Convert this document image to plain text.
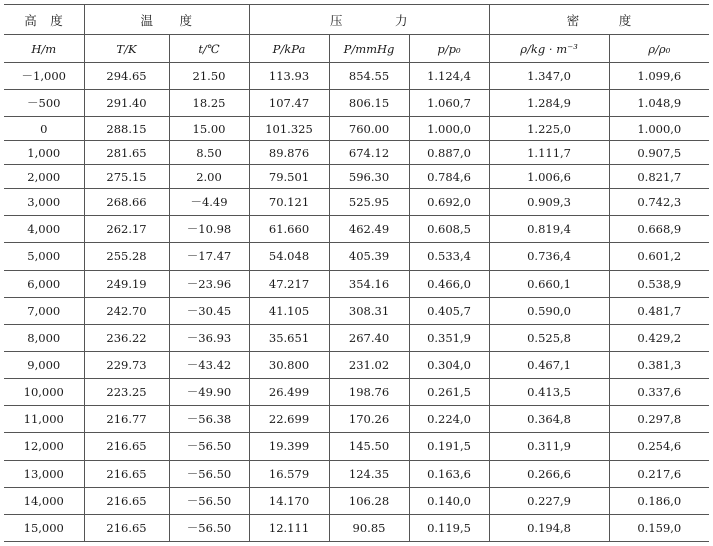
高　度	温　　度		压　　　　力			密　　　度	
H/m	T/K	t/℃	P/kPa	P/mmHg	p/p₀	ρ/kg · m⁻³	ρ/ρ₀
－1,000	294.65	21.50	113.93	854.55	1.124,4	1.347,0	1.099,6
－500	291.40	18.25	107.47	806.15	1.060,7	1.284,9	1.048,9
0	288.15	15.00	101.325	760.00	1.000,0	1.225,0	1.000,0
1,000	281.65	8.50	89.876	674.12	0.887,0	1.111,7	0.907,5
2,000	275.15	2.00	79.501	596.30	0.784,6	1.006,6	0.821,7
3,000	268.66	－4.49	70.121	525.95	0.692,0	0.909,3	0.742,3
4,000	262.17	－10.98	61.660	462.49	0.608,5	0.819,4	0.668,9
5,000	255.28	－17.47	54.048	405.39	0.533,4	0.736,4	0.601,2
6,000	249.19	－23.96	47.217	354.16	0.466,0	0.660,1	0.538,9
7,000	242.70	－30.45	41.105	308.31	0.405,7	0.590,0	0.481,7
8,000	236.22	－36.93	35.651	267.40	0.351,9	0.525,8	0.429,2
9,000	229.73	－43.42	30.800	231.02	0.304,0	0.467,1	0.381,3
10,000	223.25	－49.90	26.499	198.76	0.261,5	0.413,5	0.337,6
11,000	216.77	－56.38	22.699	170.26	0.224,0	0.364,8	0.297,8
12,000	216.65	－56.50	19.399	145.50	0.191,5	0.311,9	0.254,6
13,000	216.65	－56.50	16.579	124.35	0.163,6	0.266,6	0.217,6
14,000	216.65	－56.50	14.170	106.28	0.140,0	0.227,9	0.186,0
15,000	216.65	－56.50	12.111	90.85	0.119,5	0.194,8	0.159,0
